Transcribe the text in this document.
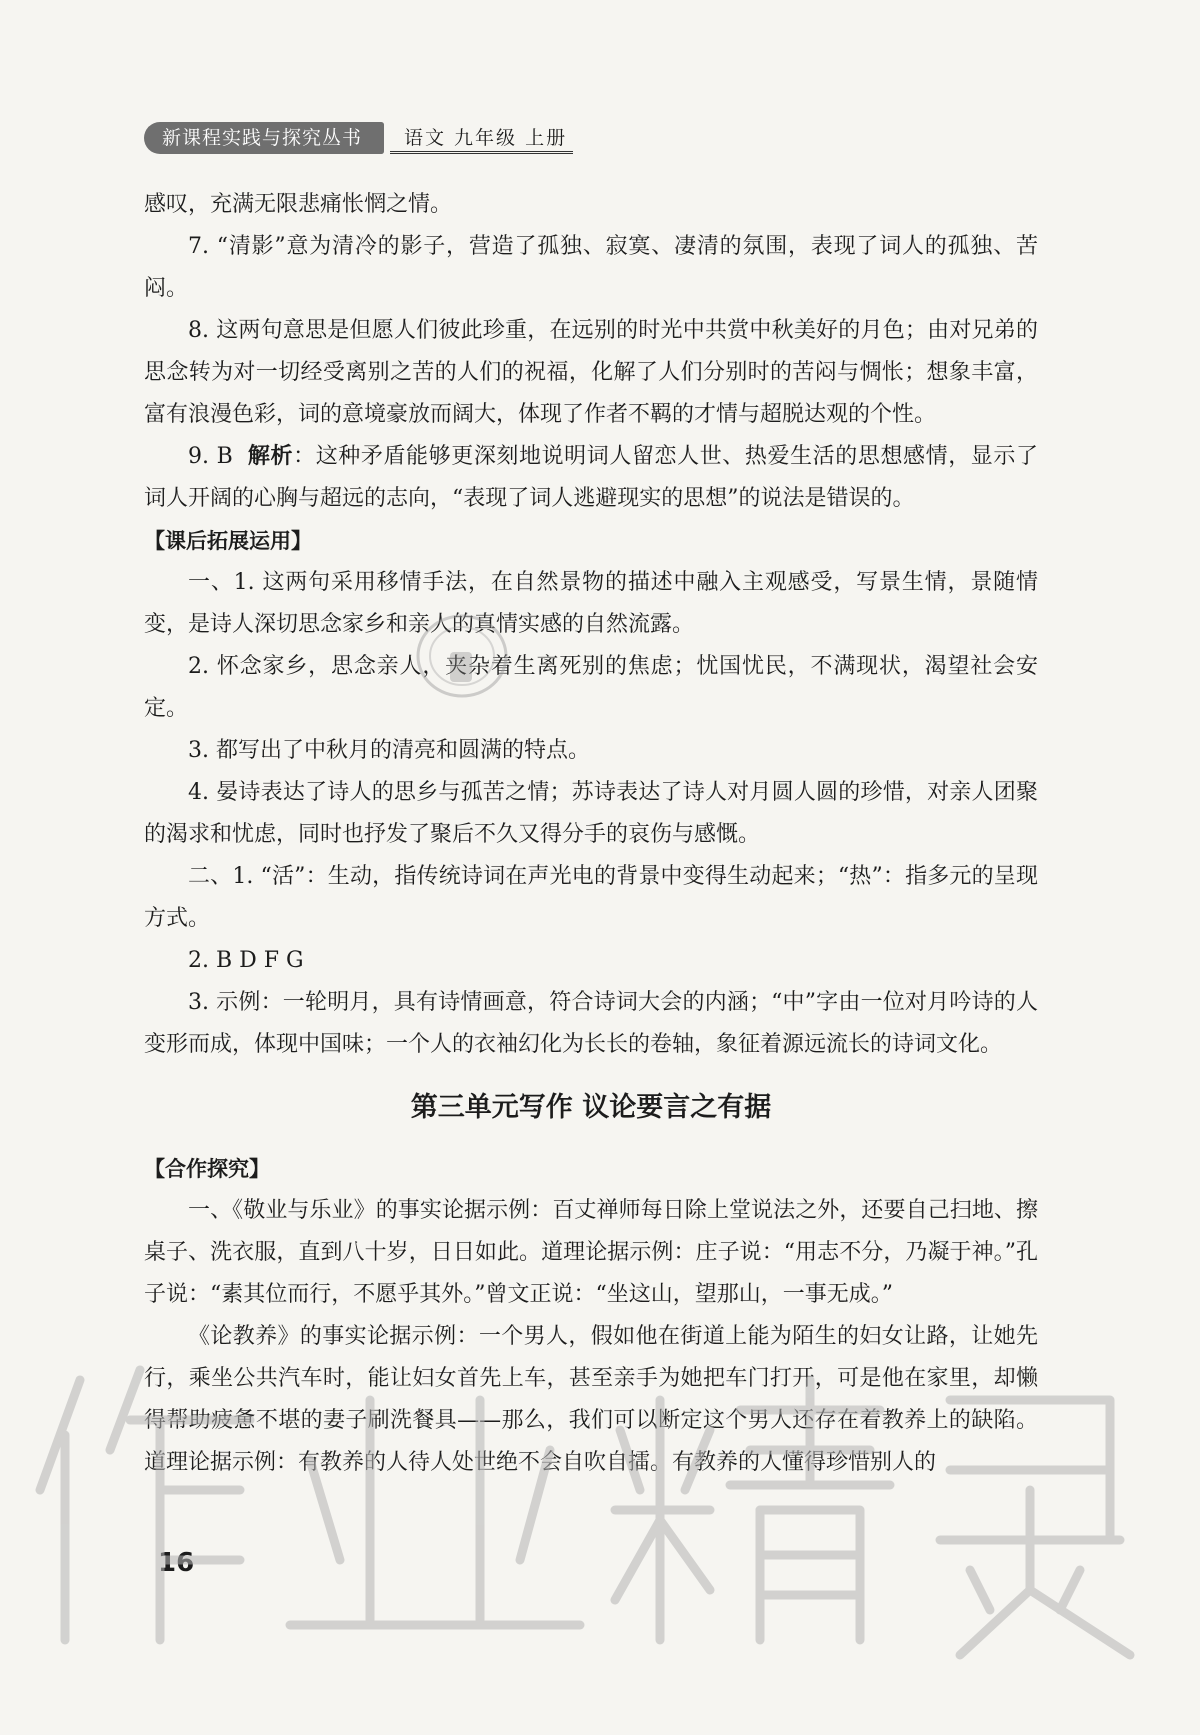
新课程实践与探究丛书	语文 九年级 上册

感叹，充满无限悲痛怅惘之情。

7. “清影”意为清冷的影子，营造了孤独、寂寞、凄清的氛围，表现了词人的孤独、苦闷。

8. 这两句意思是但愿人们彼此珍重，在远别的时光中共赏中秋美好的月色；由对兄弟的思念转为对一切经受离别之苦的人们的祝福，化解了人们分别时的苦闷与惆怅；想象丰富，富有浪漫色彩，词的意境豪放而阔大，体现了作者不羁的才情与超脱达观的个性。

9. B 解析：这种矛盾能够更深刻地说明词人留恋人世、热爱生活的思想感情，显示了词人开阔的心胸与超远的志向，“表现了词人逃避现实的思想”的说法是错误的。

【课后拓展运用】

一、1. 这两句采用移情手法，在自然景物的描述中融入主观感受，写景生情，景随情变，是诗人深切思念家乡和亲人的真情实感的自然流露。

2. 怀念家乡，思念亲人，夹杂着生离死别的焦虑；忧国忧民，不满现状，渴望社会安定。

3. 都写出了中秋月的清亮和圆满的特点。

4. 晏诗表达了诗人的思乡与孤苦之情；苏诗表达了诗人对月圆人圆的珍惜，对亲人团聚的渴求和忧虑，同时也抒发了聚后不久又得分手的哀伤与感慨。

二、1. “活”：生动，指传统诗词在声光电的背景中变得生动起来；“热”：指多元的呈现方式。

2. B D F G

3. 示例：一轮明月，具有诗情画意，符合诗词大会的内涵；“中”字由一位对月吟诗的人变形而成，体现中国味；一个人的衣袖幻化为长长的卷轴，象征着源远流长的诗词文化。

第三单元写作 议论要言之有据

【合作探究】

一、《敬业与乐业》的事实论据示例：百丈禅师每日除上堂说法之外，还要自己扫地、擦桌子、洗衣服，直到八十岁，日日如此。道理论据示例：庄子说：“用志不分，乃凝于神。”孔子说：“素其位而行，不愿乎其外。”曾文正说：“坐这山，望那山，一事无成。”

《论教养》的事实论据示例：一个男人，假如他在街道上能为陌生的妇女让路，让她先行，乘坐公共汽车时，能让妇女首先上车，甚至亲手为她把车门打开，可是他在家里，却懒得帮助疲惫不堪的妻子刷洗餐具——那么，我们可以断定这个男人还存在着教养上的缺陷。道理论据示例：有教养的人待人处世绝不会自吹自擂。有教养的人懂得珍惜别人的

16
